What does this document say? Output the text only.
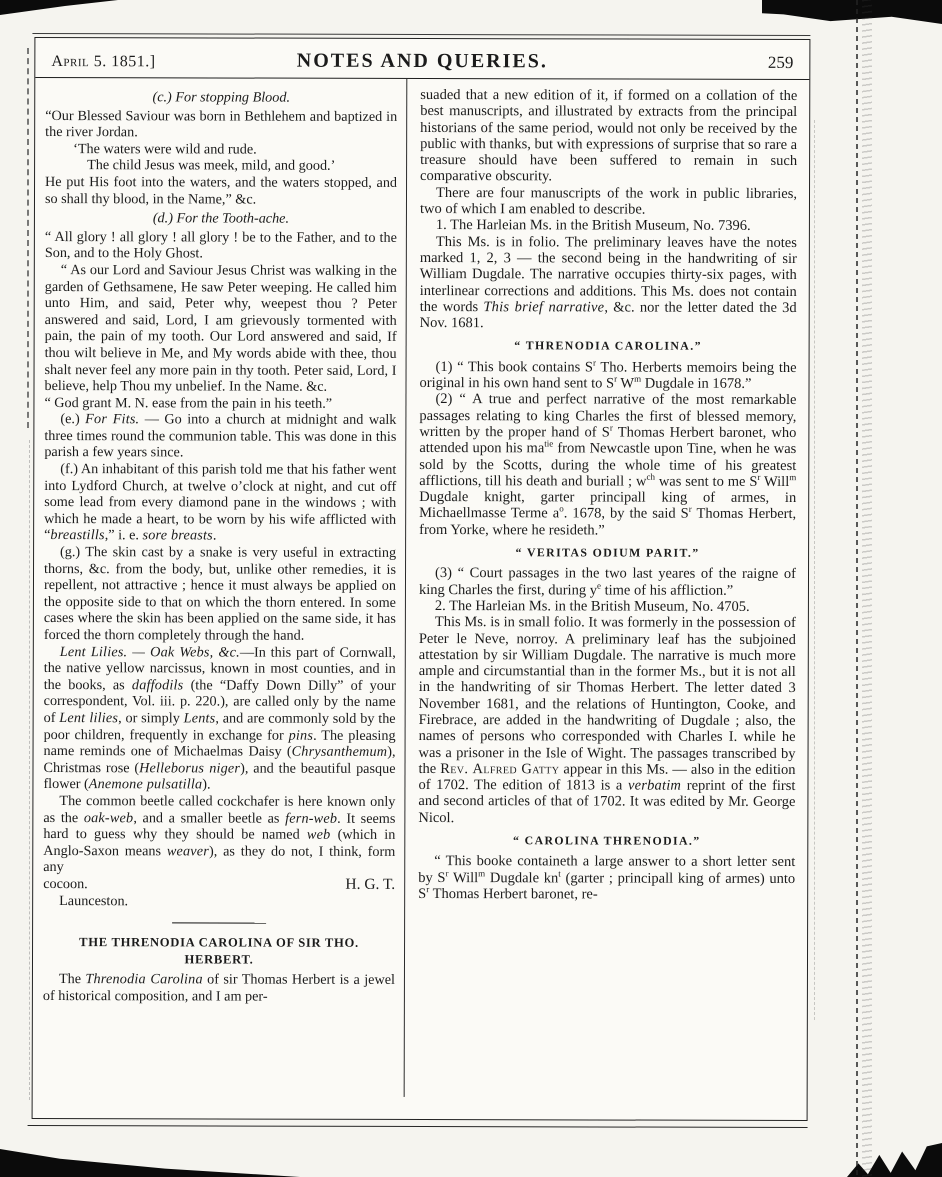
April 5. 1851.]	NOTES AND QUERIES.	259

(c.) For stopping Blood.

“Our Blessed Saviour was born in Bethlehem and baptized in the river Jordan.

‘The waters were wild and rude.

The child Jesus was meek, mild, and good.’

He put His foot into the waters, and the waters stopped, and so shall thy blood, in the Name,” &c.

(d.) For the Tooth-ache.

“ All glory ! all glory ! all glory ! be to the Father, and to the Son, and to the Holy Ghost.

“ As our Lord and Saviour Jesus Christ was walking in the garden of Gethsamene, He saw Peter weeping. He called him unto Him, and said, Peter why, weepest thou ? Peter answered and said, Lord, I am grievously tormented with pain, the pain of my tooth. Our Lord answered and said, If thou wilt believe in Me, and My words abide with thee, thou shalt never feel any more pain in thy tooth. Peter said, Lord, I believe, help Thou my unbelief. In the Name. &c.

“ God grant M. N. ease from the pain in his teeth.”

(e.) For Fits. — Go into a church at midnight and walk three times round the communion table. This was done in this parish a few years since.

(f.) An inhabitant of this parish told me that his father went into Lydford Church, at twelve o’clock at night, and cut off some lead from every diamond pane in the windows ; with which he made a heart, to be worn by his wife afflicted with “breastills,” i. e. sore breasts.

(g.) The skin cast by a snake is very useful in extracting thorns, &c. from the body, but, unlike other remedies, it is repellent, not attractive ; hence it must always be applied on the opposite side to that on which the thorn entered. In some cases where the skin has been applied on the same side, it has forced the thorn completely through the hand.

Lent Lilies. — Oak Webs, &c.—In this part of Cornwall, the native yellow narcissus, known in most counties, and in the books, as daffodils (the “Daffy Down Dilly” of your correspondent, Vol. iii. p. 220.), are called only by the name of Lent lilies, or simply Lents, and are commonly sold by the poor children, frequently in exchange for pins. The pleasing name reminds one of Michaelmas Daisy (Chrysanthemum), Christmas rose (Helleborus niger), and the beautiful pasque flower (Anemone pulsatilla).

The common beetle called cockchafer is here known only as the oak-web, and a smaller beetle as fern-web. It seems hard to guess why they should be named web (which in Anglo-Saxon means weaver), as they do not, I think, form any

cocoon.	H. G. T.

Launceston.

THE THRENODIA CAROLINA OF SIR THO. HERBERT.

The Threnodia Carolina of sir Thomas Herbert is a jewel of historical composition, and I am per-

suaded that a new edition of it, if formed on a collation of the best manuscripts, and illustrated by extracts from the principal historians of the same period, would not only be received by the public with thanks, but with expressions of surprise that so rare a treasure should have been suffered to remain in such comparative obscurity.

There are four manuscripts of the work in public libraries, two of which I am enabled to describe.

1. The Harleian Ms. in the British Museum, No. 7396.

This Ms. is in folio. The preliminary leaves have the notes marked 1, 2, 3 — the second being in the handwriting of sir William Dugdale. The narrative occupies thirty-six pages, with interlinear corrections and additions. This Ms. does not contain the words This brief narrative, &c. nor the letter dated the 3d Nov. 1681.

“ THRENODIA CAROLINA.”

(1) “ This book contains $S^r$ Tho. Herberts memoirs being the original in his own hand sent to $S^r$ $W^m$ Dugdale in 1678.”

(2) “ A true and perfect narrative of the most remarkable passages relating to king Charles the first of blessed memory, written by the proper hand of $S^r$ Thomas Herbert baronet, who attended upon his $ma^{tie}$ from Newcastle upon Tine, when he was sold by the Scotts, during the whole time of his greatest afflictions, till his death and buriall ; $w^{ch}$ was sent to me $S^r$ Will$^m$ Dugdale knight, garter principall king of armes, in Michaellmasse Terme $a^o$. 1678, by the said $S^r$ Thomas Herbert, from Yorke, where he resideth.”

“ VERITAS ODIUM PARIT.”

(3) “ Court passages in the two last yeares of the raigne of king Charles the first, during $y^e$ time of his affliction.”

2. The Harleian Ms. in the British Museum, No. 4705.

This Ms. is in small folio. It was formerly in the possession of Peter le Neve, norroy. A preliminary leaf has the subjoined attestation by sir William Dugdale. The narrative is much more ample and circumstantial than in the former Ms., but it is not all in the handwriting of sir Thomas Herbert. The letter dated 3 November 1681, and the relations of Huntington, Cooke, and Firebrace, are added in the handwriting of Dugdale ; also, the names of persons who corresponded with Charles I. while he was a prisoner in the Isle of Wight. The passages transcribed by the Rev. Alfred Gatty appear in this Ms. — also in the edition of 1702. The edition of 1813 is a verbatim reprint of the first and second articles of that of 1702. It was edited by Mr. George Nicol.

“ CAROLINA THRENODIA.”

“ This booke containeth a large answer to a short letter sent by $S^r$ Will$^m$ Dugdale $kn^t$ (garter ; principall king of armes) unto $S^r$ Thomas Herbert baronet, re-
